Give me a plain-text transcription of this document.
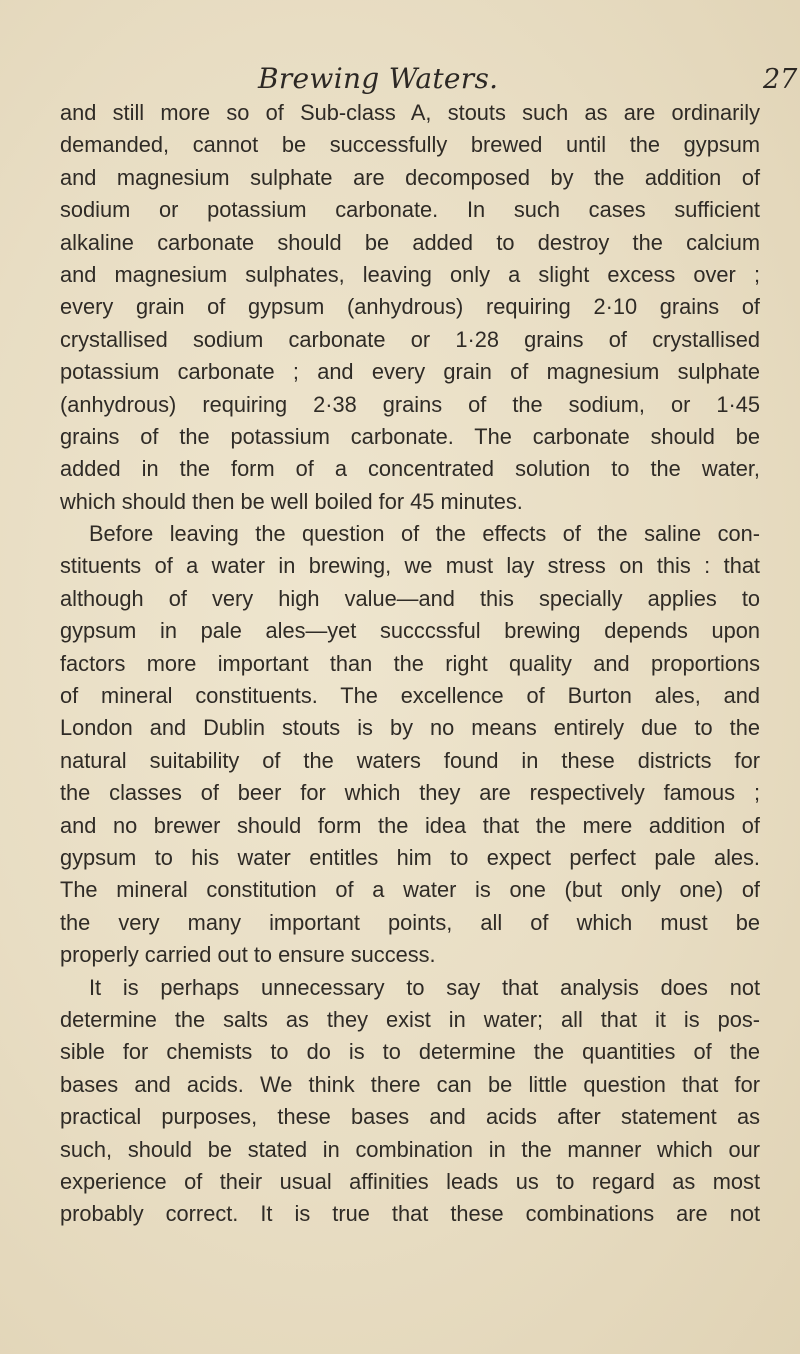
Brewing Waters.	27
and still more so of Sub-class A, stouts such as are ordinarily
demanded, cannot be successfully brewed until the gypsum
and magnesium sulphate are decomposed by the addition of
sodium or potassium carbonate. In such cases sufficient
alkaline carbonate should be added to destroy the calcium
and magnesium sulphates, leaving only a slight excess over ;
every grain of gypsum (anhydrous) requiring 2·10 grains of
crystallised sodium carbonate or 1·28 grains of crystallised
potassium carbonate ; and every grain of magnesium sulphate
(anhydrous) requiring 2·38 grains of the sodium, or 1·45
grains of the potassium carbonate. The carbonate should be
added in the form of a concentrated solution to the water,
which should then be well boiled for 45 minutes.
Before leaving the question of the effects of the saline con-
stituents of a water in brewing, we must lay stress on this : that
although of very high value—and this specially applies to
gypsum in pale ales—yet succcssful brewing depends upon
factors more important than the right quality and proportions
of mineral constituents. The excellence of Burton ales, and
London and Dublin stouts is by no means entirely due to the
natural suitability of the waters found in these districts for
the classes of beer for which they are respectively famous ;
and no brewer should form the idea that the mere addition of
gypsum to his water entitles him to expect perfect pale ales.
The mineral constitution of a water is one (but only one) of
the very many important points, all of which must be
properly carried out to ensure success.
It is perhaps unnecessary to say that analysis does not
determine the salts as they exist in water; all that it is pos-
sible for chemists to do is to determine the quantities of the
bases and acids. We think there can be little question that for
practical purposes, these bases and acids after statement as
such, should be stated in combination in the manner which our
experience of their usual affinities leads us to regard as most
probably correct. It is true that these combinations are not
